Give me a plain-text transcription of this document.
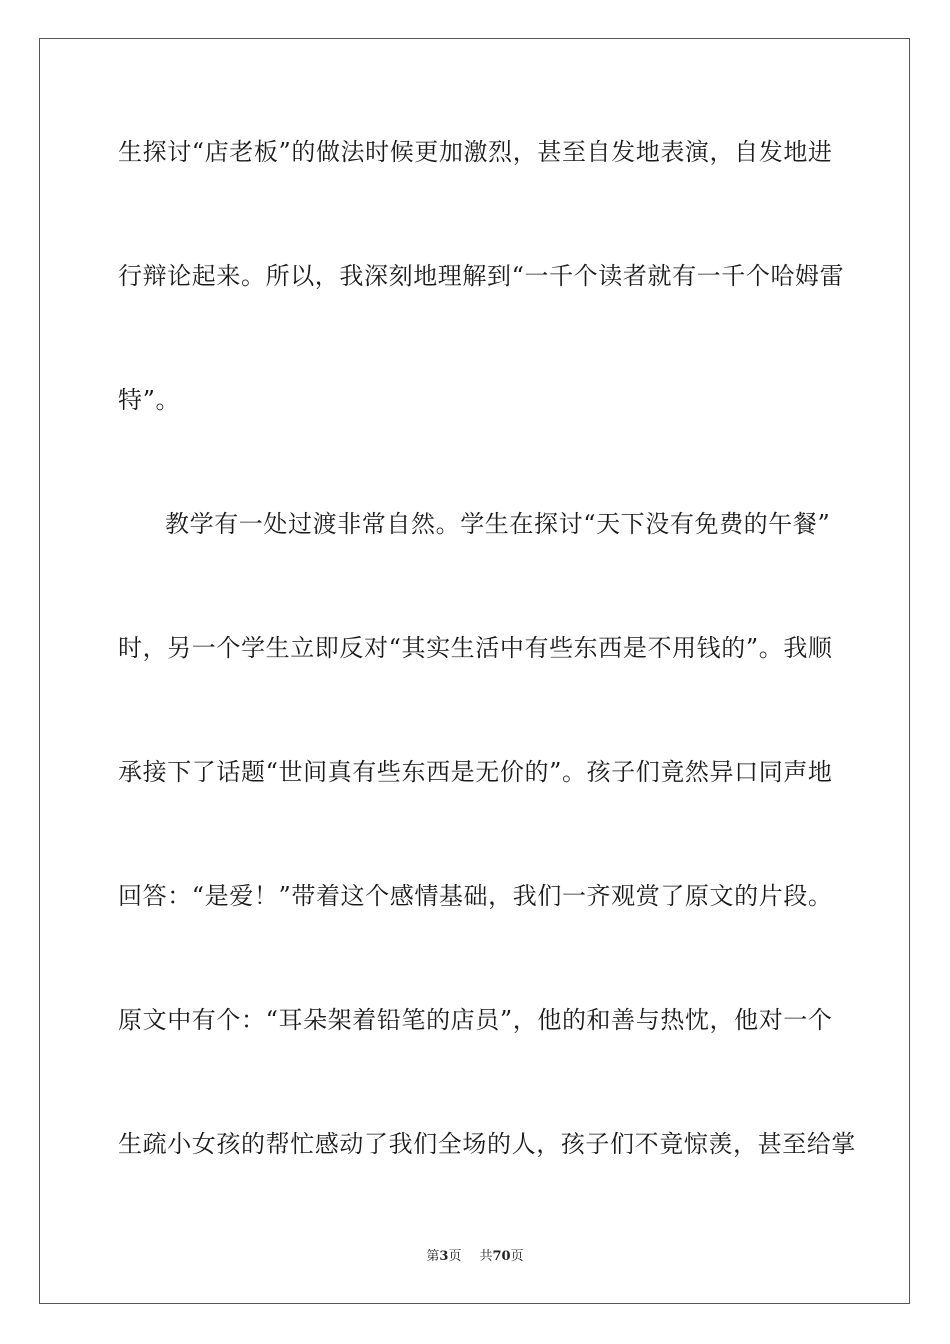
生探讨“店老板”的做法时候更加激烈，甚至自发地表演，自发地进
行辩论起来。所以，我深刻地理解到“一千个读者就有一千个哈姆雷
特”。
教学有一处过渡非常自然。学生在探讨“天下没有免费的午餐”
时，另一个学生立即反对“其实生活中有些东西是不用钱的”。我顺
承接下了话题“世间真有些东西是无价的”。孩子们竟然异口同声地
回答：“是爱！”带着这个感情基础，我们一齐观赏了原文的片段。
原文中有个：“耳朵架着铅笔的店员”，他的和善与热忱，他对一个
生疏小女孩的帮忙感动了我们全场的人，孩子们不竟惊羡，甚至给掌
第3页 共70页
